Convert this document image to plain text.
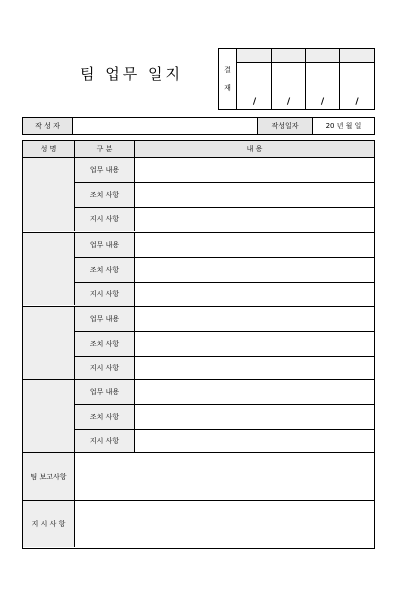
팀 업무 일지	결
재
/	/	/	/
작 성 자	작성일자	20 년 월 일
성 명	구 분	내 용
업무 내용
조치 사항
지시 사항
업무 내용
조치 사항
지시 사항
업무 내용
조치 사항
지시 사항
업무 내용
조치 사항
지시 사항
팀 보고사항
지 시 사 항
